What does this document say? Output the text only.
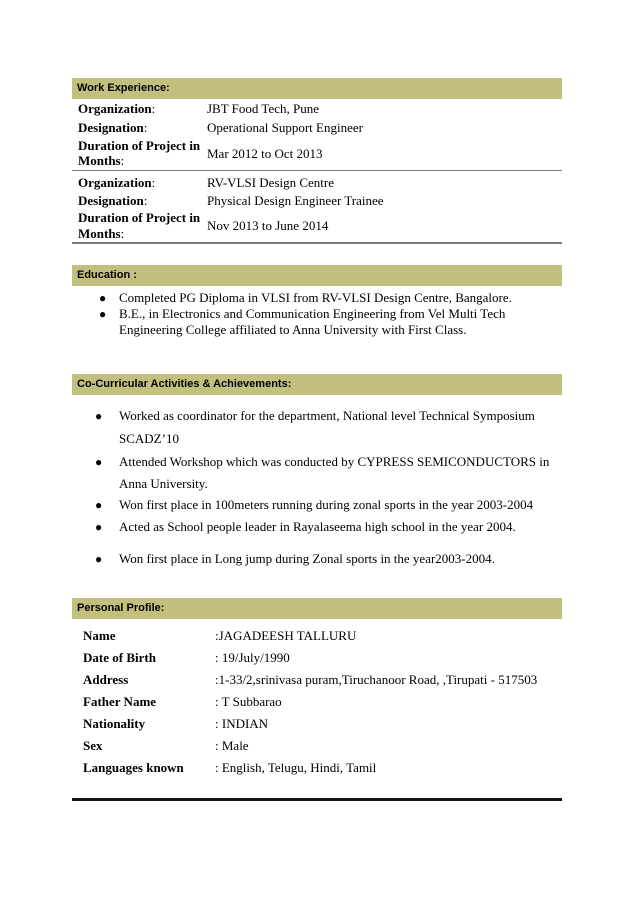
Work Experience:
Organization:	JBT Food Tech, Pune
Designation:	Operational Support Engineer
Duration of Project in
Months:	Mar 2012 to Oct 2013
Organization:	RV-VLSI Design Centre
Designation:	Physical Design Engineer Trainee
Duration of Project in
Months:
Nov 2013 to June 2014
Education :
● Completed PG Diploma in VLSI from RV-VLSI Design Centre, Bangalore.
● B.E., in Electronics and Communication Engineering from Vel Multi Tech
Engineering College affiliated to Anna University with First Class.
Co-Curricular Activities & Achievements:
● Worked as coordinator for the department, National level Technical Symposium
SCADZ’10
● Attended Workshop which was conducted by CYPRESS SEMICONDUCTORS in
Anna University.
● Won first place in 100meters running during zonal sports in the year 2003-2004
● Acted as School people leader in Rayalaseema high school in the year 2004.
● Won first place in Long jump during Zonal sports in the year2003-2004.
Personal Profile:
Name	:JAGADEESH TALLURU
Date of Birth	: 19/July/1990
Address	:1-33/2,srinivasa puram,Tiruchanoor Road, ,Tirupati - 517503
Father Name	: T Subbarao
Nationality	: INDIAN
Sex	: Male
Languages known : English, Telugu, Hindi, Tamil
